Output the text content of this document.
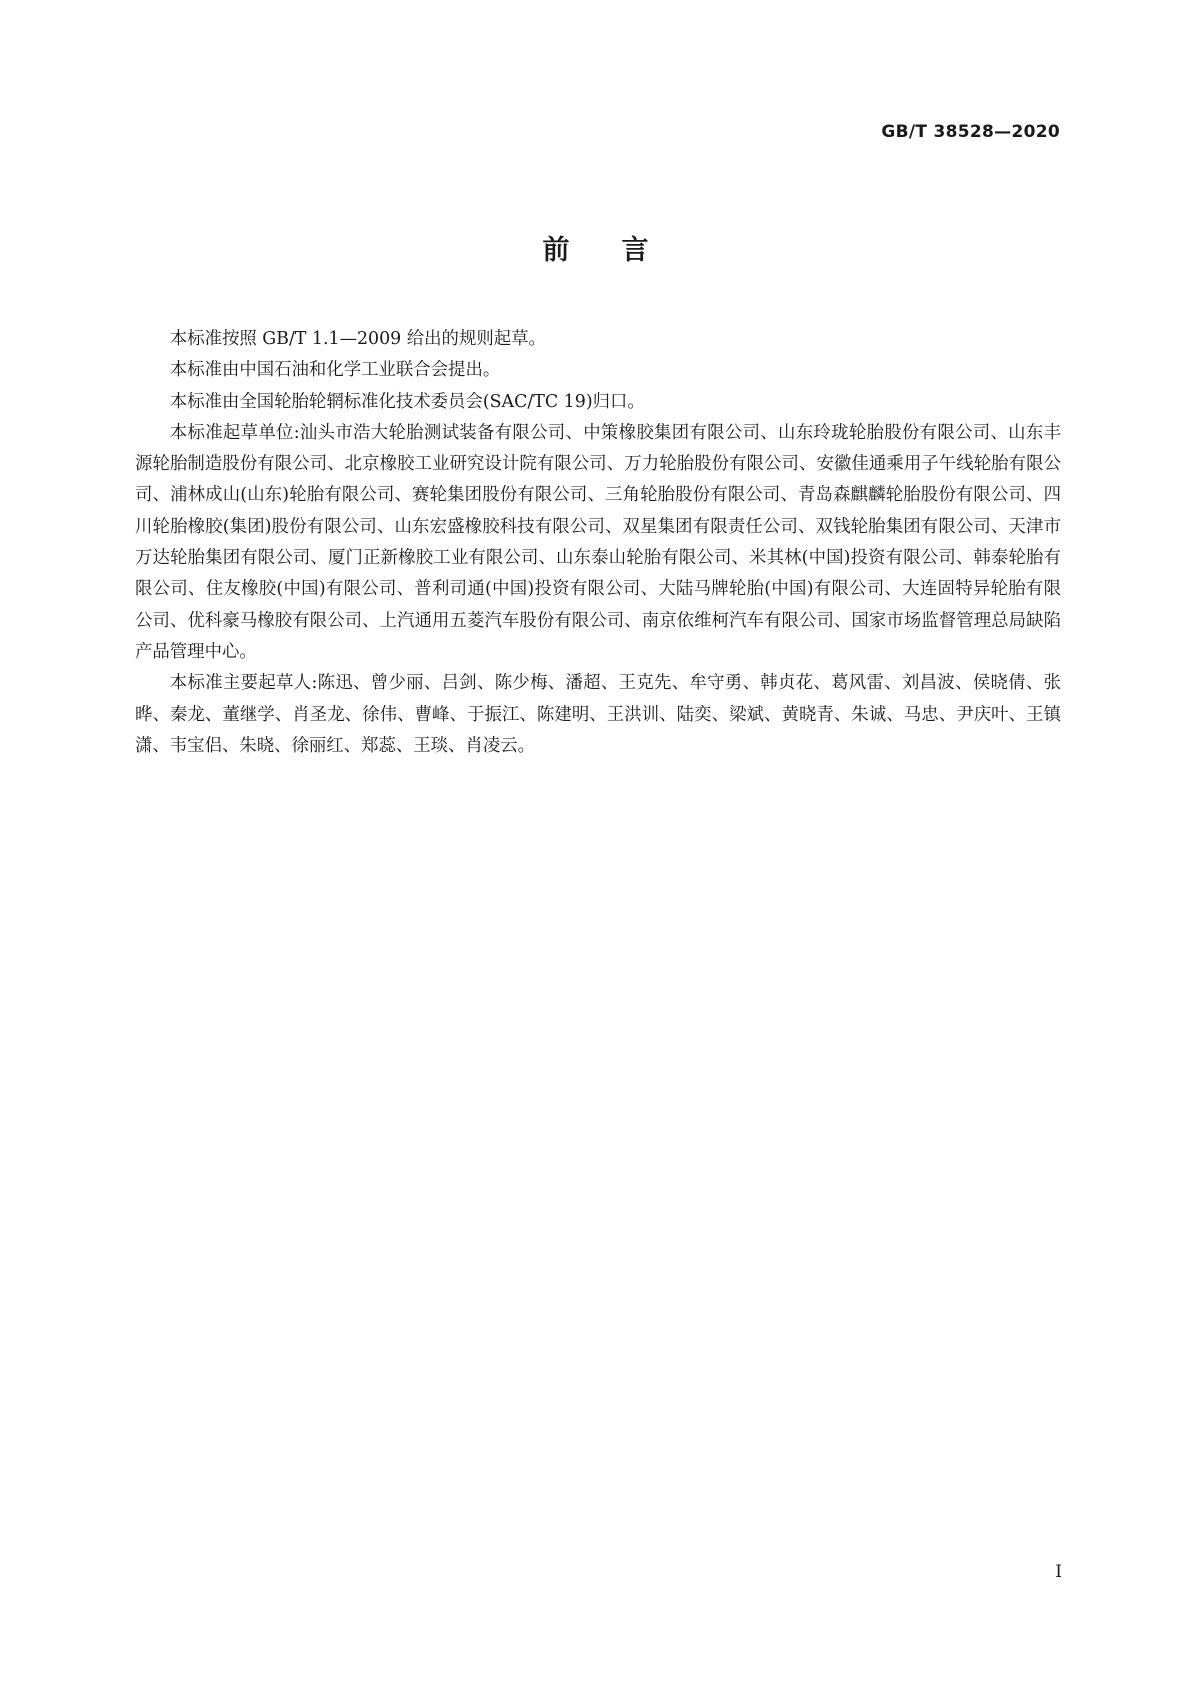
GB/T 38528—2020
前言

本标准按照 GB/T 1.1—2009 给出的规则起草。

本标准由中国石油和化学工业联合会提出。

本标准由全国轮胎轮辋标准化技术委员会(SAC/TC 19)归口。

本标准起草单位:汕头市浩大轮胎测试装备有限公司、中策橡胶集团有限公司、山东玲珑轮胎股份有限公司、山东丰源轮胎制造股份有限公司、北京橡胶工业研究设计院有限公司、万力轮胎股份有限公司、安徽佳通乘用子午线轮胎有限公司、浦林成山(山东)轮胎有限公司、赛轮集团股份有限公司、三角轮胎股份有限公司、青岛森麒麟轮胎股份有限公司、四川轮胎橡胶(集团)股份有限公司、山东宏盛橡胶科技有限公司、双星集团有限责任公司、双钱轮胎集团有限公司、天津市万达轮胎集团有限公司、厦门正新橡胶工业有限公司、山东泰山轮胎有限公司、米其林(中国)投资有限公司、韩泰轮胎有限公司、住友橡胶(中国)有限公司、普利司通(中国)投资有限公司、大陆马牌轮胎(中国)有限公司、大连固特异轮胎有限公司、优科豪马橡胶有限公司、上汽通用五菱汽车股份有限公司、南京依维柯汽车有限公司、国家市场监督管理总局缺陷产品管理中心。

本标准主要起草人:陈迅、曾少丽、吕剑、陈少梅、潘超、王克先、牟守勇、韩贞花、葛风雷、刘昌波、侯晓倩、张晔、秦龙、董继学、肖圣龙、徐伟、曹峰、于振江、陈建明、王洪训、陆奕、梁斌、黄晓青、朱诚、马忠、尹庆叶、王镇潇、韦宝侣、朱晓、徐丽红、郑蕊、王琰、肖凌云。

I
